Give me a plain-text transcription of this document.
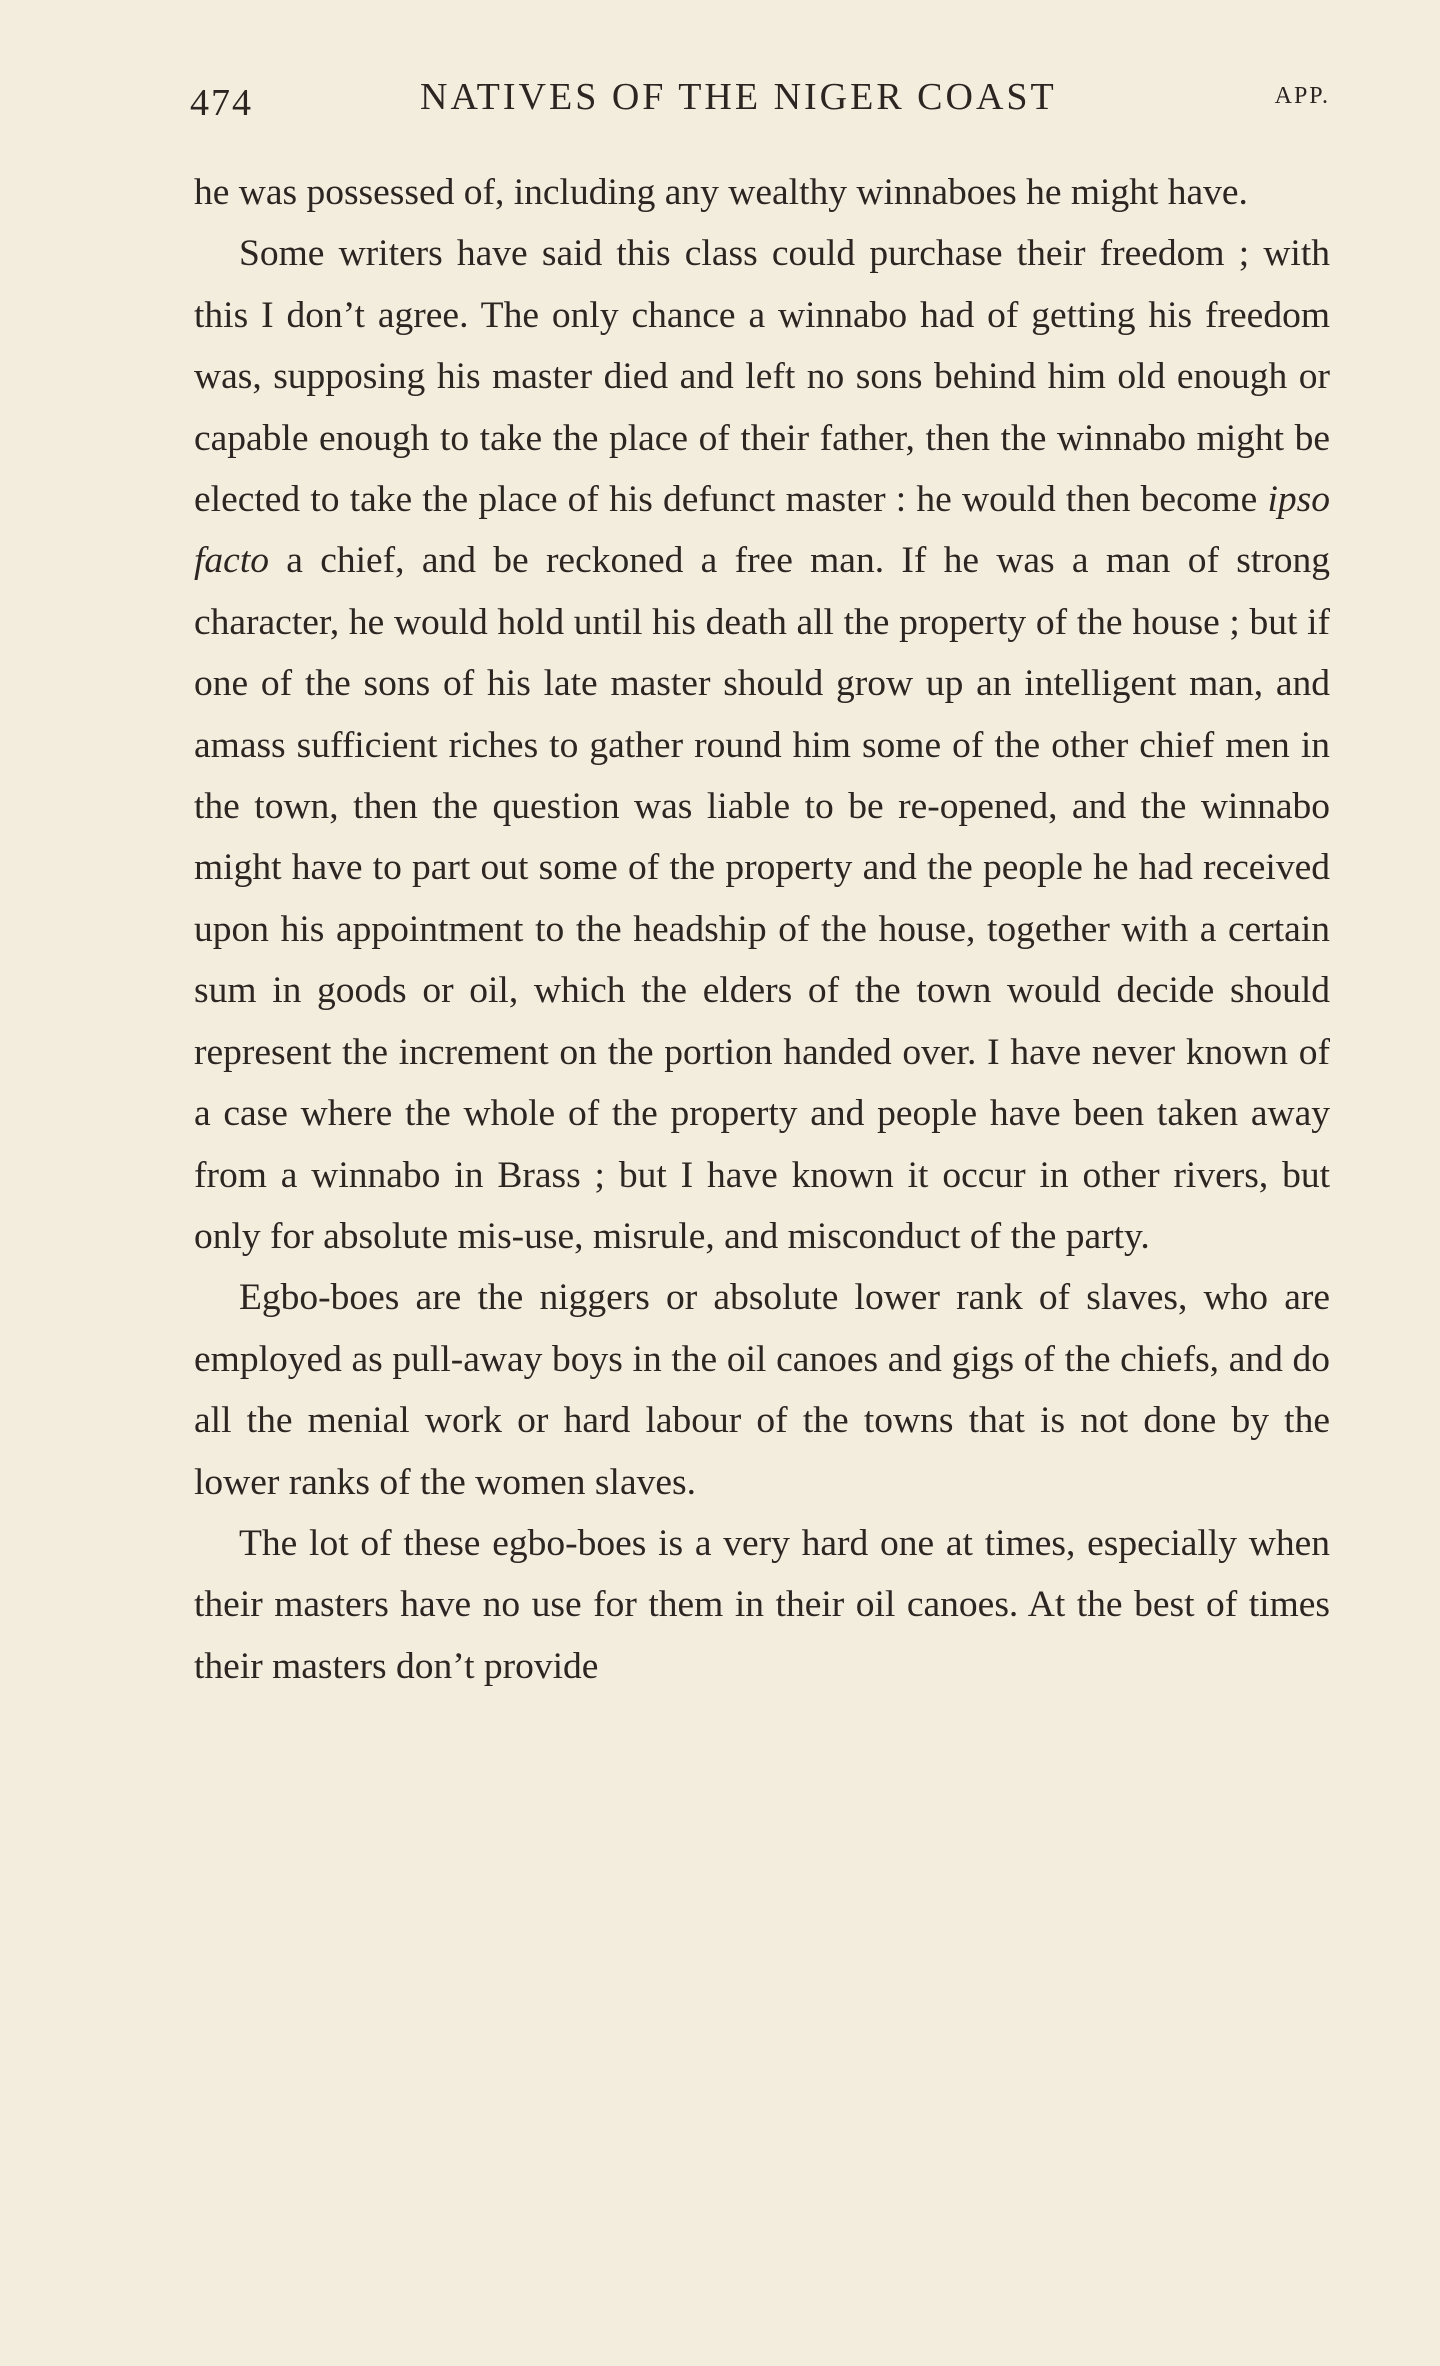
474	NATIVES OF THE NIGER COAST	APP.

he was possessed of, including any wealthy winnaboes he might have.

Some writers have said this class could purchase their freedom ; with this I don’t agree. The only chance a winnabo had of getting his freedom was, supposing his master died and left no sons behind him old enough or capable enough to take the place of their father, then the winnabo might be elected to take the place of his defunct master : he would then become ipso facto a chief, and be reckoned a free man. If he was a man of strong character, he would hold until his death all the property of the house ; but if one of the sons of his late master should grow up an intelligent man, and amass sufficient riches to gather round him some of the other chief men in the town, then the question was liable to be re-opened, and the winnabo might have to part out some of the property and the people he had received upon his appointment to the headship of the house, together with a certain sum in goods or oil, which the elders of the town would decide should represent the increment on the portion handed over. I have never known of a case where the whole of the property and people have been taken away from a winnabo in Brass ; but I have known it occur in other rivers, but only for absolute mis-use, misrule, and misconduct of the party.

Egbo-boes are the niggers or absolute lower rank of slaves, who are employed as pull-away boys in the oil canoes and gigs of the chiefs, and do all the menial work or hard labour of the towns that is not done by the lower ranks of the women slaves.

The lot of these egbo-boes is a very hard one at times, especially when their masters have no use for them in their oil canoes. At the best of times their masters don’t provide
